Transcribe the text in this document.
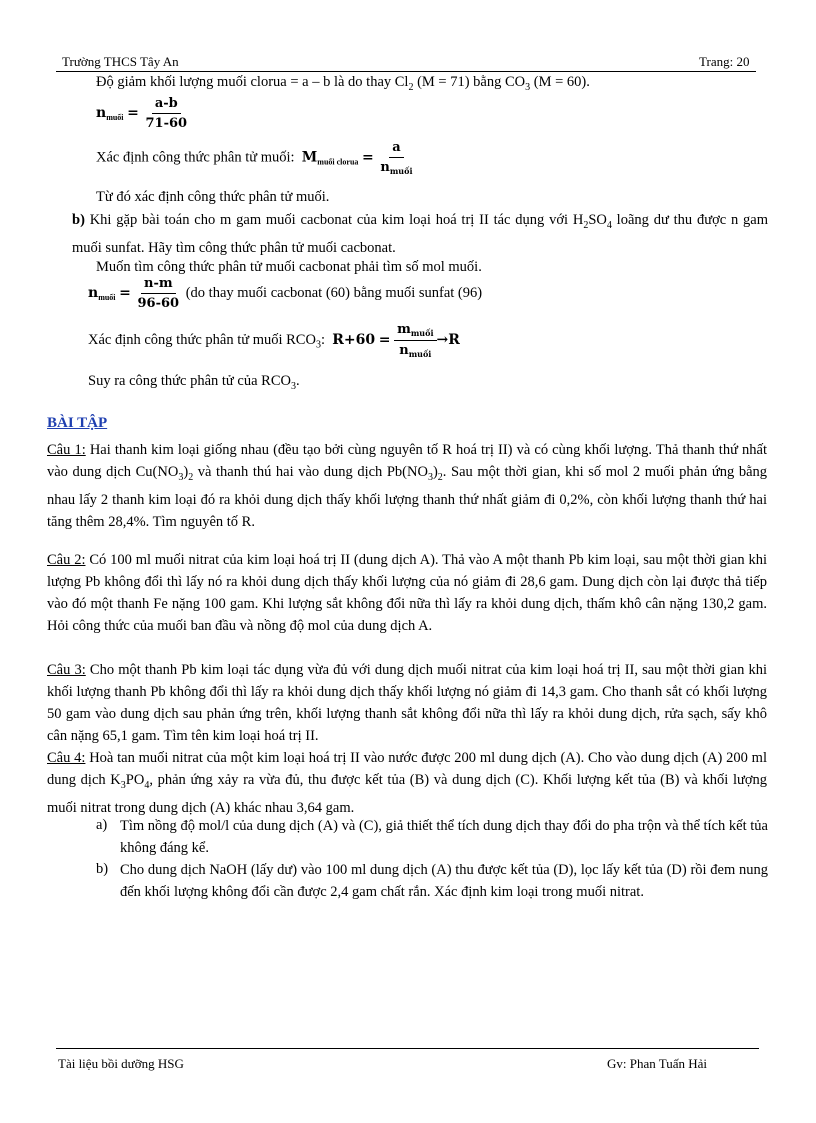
Trường THCS Tây An	Trang: 20
Độ giảm khối lượng muối clorua = a – b là do thay $Cl_2$ (M = 71) bằng $CO_3$ (M = 60).
$n_{muối} = \frac{a-b}{71-60}$
Xác định công thức phân tử muối: $M_{muối clorua} = \frac{a}{n_{muối}}$
Từ đó xác định công thức phân tử muối.
b) Khi gặp bài toán cho m gam muối cacbonat của kim loại hoá trị II tác dụng với $H_2SO_4$ loãng dư thu được n gam muối sunfat. Hãy tìm công thức phân tử muối cacbonat.
Muốn tìm công thức phân tử muối cacbonat phải tìm số mol muối.
$n_{muối} = \frac{n-m}{96-60} (do$ thay muối cacbonat (60) bằng muối sunfat (96)
Xác định công thức phân tử muối $RCO_3$: $R+60 = \frac{m_{muối}}{n_{muối}} \to R$
Suy ra công thức phân tử của $RCO_3$.
BÀI TẬP
Câu 1: Hai thanh kim loại giống nhau (đều tạo bởi cùng nguyên tố R hoá trị II) và có cùng khối lượng. Thả thanh thứ nhất vào dung dịch $Cu(NO_3)_2$ và thanh thú hai vào dung dịch $Pb(NO_3)_2$. Sau một thời gian, khi số mol 2 muối phản ứng bằng nhau lấy 2 thanh kim loại đó ra khỏi dung dịch thấy khối lượng thanh thứ nhất giảm đi 0,2%, còn khối lượng thanh thứ hai tăng thêm 28,4%. Tìm nguyên tố R.
Câu 2: Có 100 ml muối nitrat của kim loại hoá trị II (dung dịch A). Thả vào A một thanh Pb kim loại, sau một thời gian khi lượng Pb không đổi thì lấy nó ra khỏi dung dịch thấy khối lượng của nó giảm đi 28,6 gam. Dung dịch còn lại được thả tiếp vào đó một thanh Fe nặng 100 gam. Khi lượng sắt không đổi nữa thì lấy ra khỏi dung dịch, thấm khô cân nặng 130,2 gam. Hỏi công thức của muối ban đầu và nồng độ mol của dung dịch A.
Câu 3: Cho một thanh Pb kim loại tác dụng vừa đủ với dung dịch muối nitrat của kim loại hoá trị II, sau một thời gian khi khối lượng thanh Pb không đổi thì lấy ra khỏi dung dịch thấy khối lượng nó giảm đi 14,3 gam. Cho thanh sắt có khối lượng 50 gam vào dung dịch sau phản ứng trên, khối lượng thanh sắt không đổi nữa thì lấy ra khỏi dung dịch, rửa sạch, sấy khô cân nặng 65,1 gam. Tìm tên kim loại hoá trị II.
Câu 4: Hoà tan muối nitrat của một kim loại hoá trị II vào nước được 200 ml dung dịch (A). Cho vào dung dịch (A) 200 ml dung dịch $K_3PO_4$, phản ứng xảy ra vừa đủ, thu được kết tủa (B) và dung dịch (C). Khối lượng kết tủa (B) và khối lượng muối nitrat trong dung dịch (A) khác nhau 3,64 gam.
a) Tìm nồng độ mol/l của dung dịch (A) và (C), giả thiết thể tích dung dịch thay đổi do pha trộn và thể tích kết tủa không đáng kể.
b) Cho dung dịch NaOH (lấy dư) vào 100 ml dung dịch (A) thu được kết tủa (D), lọc lấy kết tủa (D) rồi đem nung đến khối lượng không đổi cần được 2,4 gam chất rắn. Xác định kim loại trong muối nitrat.
Tài liệu bồi dưỡng HSG	Gv: Phan Tuấn Hải
